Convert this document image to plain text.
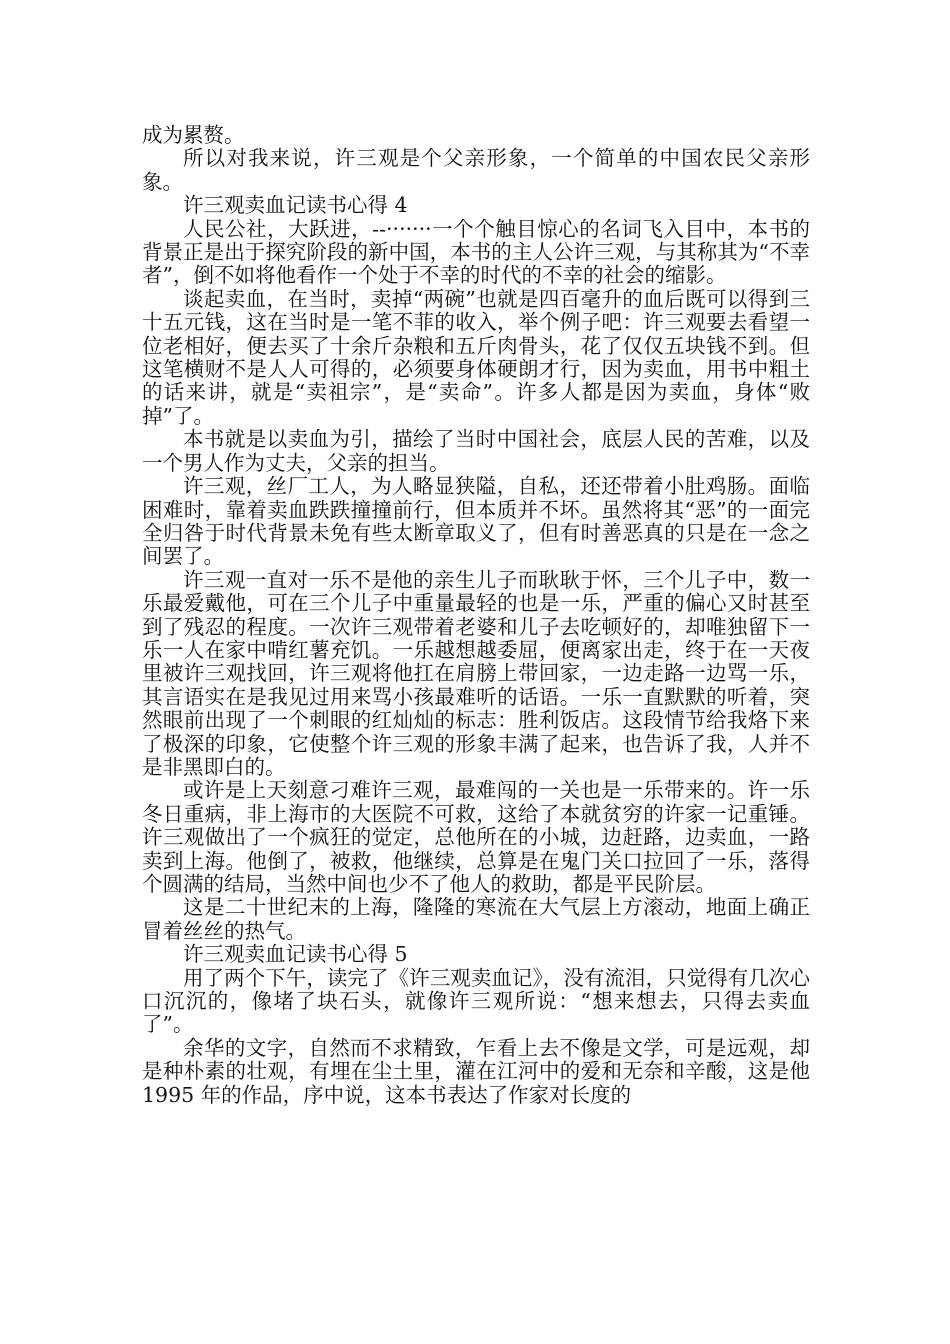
成为累赘。

所以对我来说，许三观是个父亲形象，一个简单的中国农民父亲形象。

许三观卖血记读书心得 4

人民公社，大跃进，--·······一个个触目惊心的名词飞入目中，本书的背景正是出于探究阶段的新中国，本书的主人公许三观，与其称其为“不幸者”，倒不如将他看作一个处于不幸的时代的不幸的社会的缩影。

谈起卖血，在当时，卖掉“两碗”也就是四百毫升的血后既可以得到三十五元钱，这在当时是一笔不菲的收入，举个例子吧：许三观要去看望一位老相好，便去买了十余斤杂粮和五斤肉骨头，花了仅仅五块钱不到。但这笔横财不是人人可得的，必须要身体硬朗才行，因为卖血，用书中粗土的话来讲，就是“卖祖宗”，是“卖命”。许多人都是因为卖血，身体“败掉”了。

本书就是以卖血为引，描绘了当时中国社会，底层人民的苦难，以及一个男人作为丈夫，父亲的担当。

许三观，丝厂工人，为人略显狭隘，自私，还还带着小肚鸡肠。面临困难时，靠着卖血跌跌撞撞前行，但本质并不坏。虽然将其“恶”的一面完全归咎于时代背景未免有些太断章取义了，但有时善恶真的只是在一念之间罢了。

许三观一直对一乐不是他的亲生儿子而耿耿于怀，三个儿子中，数一乐最爱戴他，可在三个儿子中重量最轻的也是一乐，严重的偏心又时甚至到了残忍的程度。一次许三观带着老婆和儿子去吃顿好的，却唯独留下一乐一人在家中啃红薯充饥。一乐越想越委屈，便离家出走，终于在一天夜里被许三观找回，许三观将他扛在肩膀上带回家，一边走路一边骂一乐，其言语实在是我见过用来骂小孩最难听的话语。一乐一直默默的听着，突然眼前出现了一个刺眼的红灿灿的标志：胜利饭店。这段情节给我烙下来了极深的印象，它使整个许三观的形象丰满了起来，也告诉了我，人并不是非黑即白的。

或许是上天刻意刁难许三观，最难闯的一关也是一乐带来的。许一乐冬日重病，非上海市的大医院不可救，这给了本就贫穷的许家一记重锤。许三观做出了一个疯狂的觉定，总他所在的小城，边赶路，边卖血，一路卖到上海。他倒了，被救，他继续，总算是在鬼门关口拉回了一乐，落得个圆满的结局，当然中间也少不了他人的救助，都是平民阶层。

这是二十世纪末的上海，隆隆的寒流在大气层上方滚动，地面上确正冒着丝丝的热气。

许三观卖血记读书心得 5

用了两个下午，读完了《许三观卖血记》，没有流泪，只觉得有几次心口沉沉的，像堵了块石头，就像许三观所说：“想来想去，只得去卖血了”。

余华的文字，自然而不求精致，乍看上去不像是文学，可是远观，却是种朴素的壮观，有埋在尘土里，灌在江河中的爱和无奈和辛酸，这是他 1995 年的作品，序中说，这本书表达了作家对长度的
